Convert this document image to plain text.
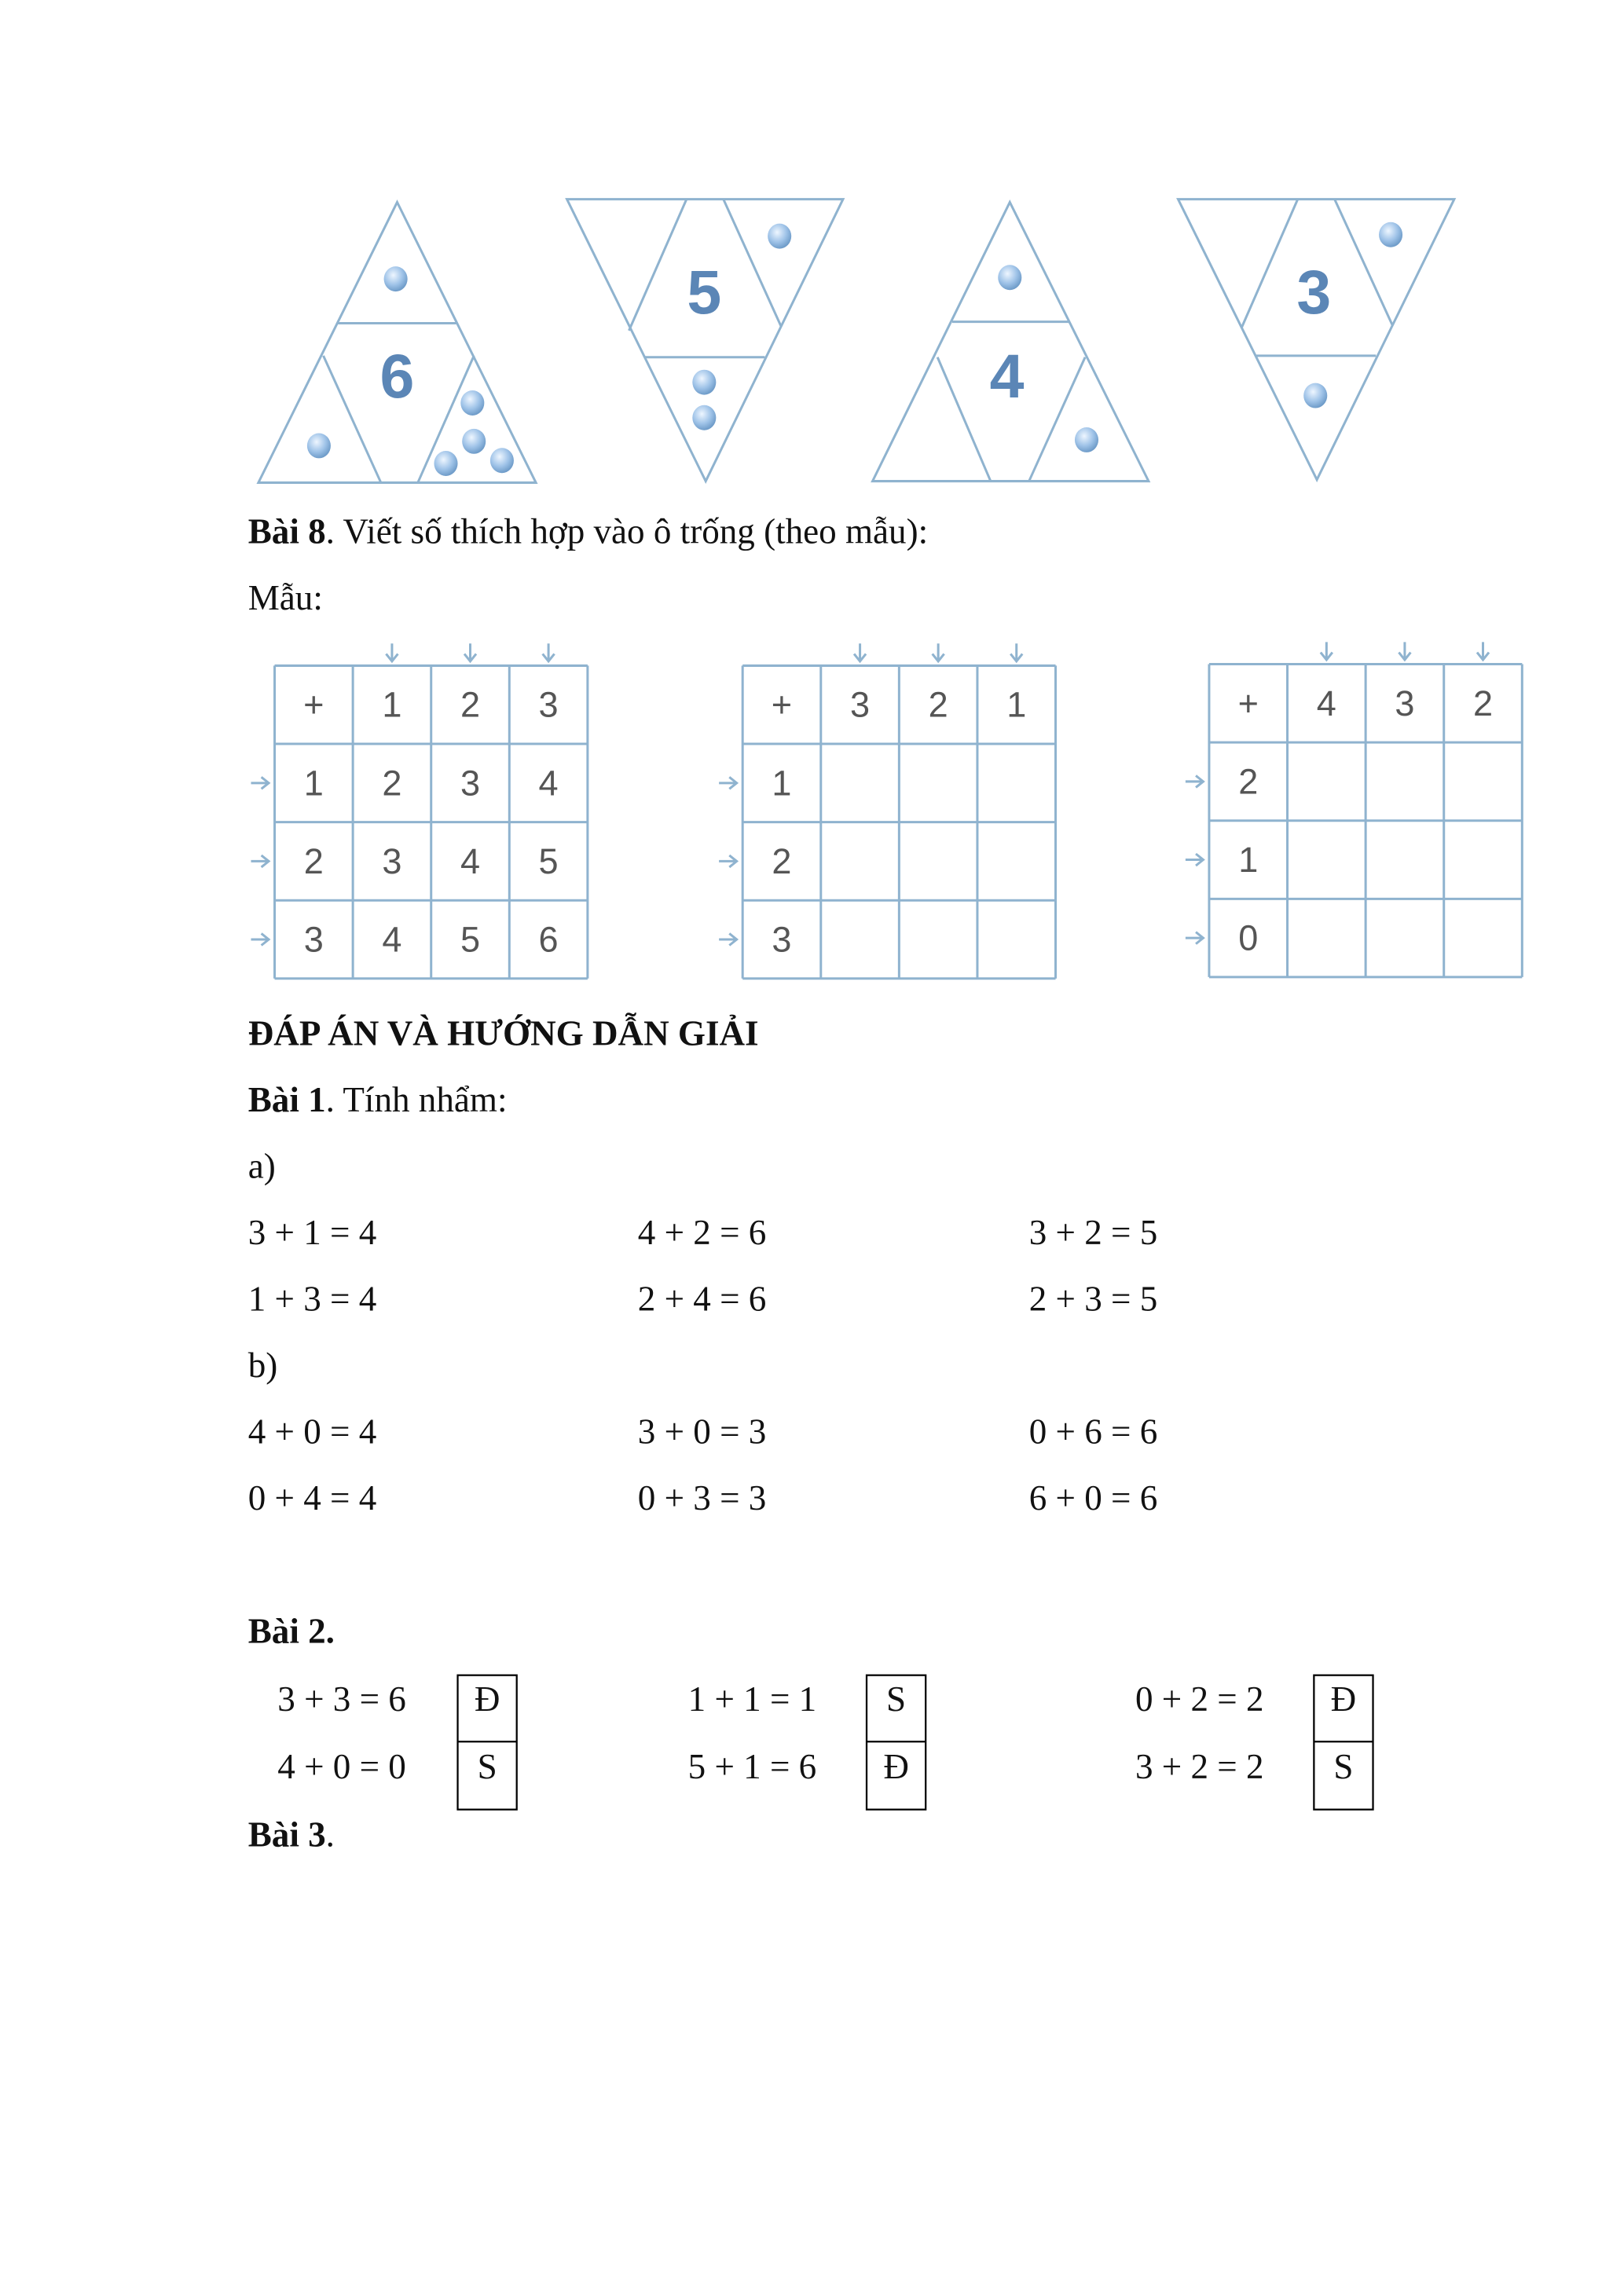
6
5
4
3
Bài 8. Viết số thích hợp vào ô trống (theo mẫu):
Mẫu:
+	1	2	3
1	2	3	4
2	3	4	5
3	4	5	6
+	3	2	1
1
2
3
+	4	3	2
2
1
0
ĐÁP ÁN VÀ HƯỚNG DẪN GIẢI
Bài 1. Tính nhẩm:
a)
3 + 1 = 4	4 + 2 = 6	3 + 2 = 5
1 + 3 = 4	2 + 4 = 6	2 + 3 = 5
b)
4 + 0 = 4	3 + 0 = 3	0 + 6 = 6
0 + 4 = 4	0 + 3 = 3	6 + 0 = 6
Bài 2.
3 + 3 = 6	Đ
4 + 0 = 0	S
1 + 1 = 1	S
5 + 1 = 6	Đ
0 + 2 = 2	Đ
3 + 2 = 2	S
Bài 3.
